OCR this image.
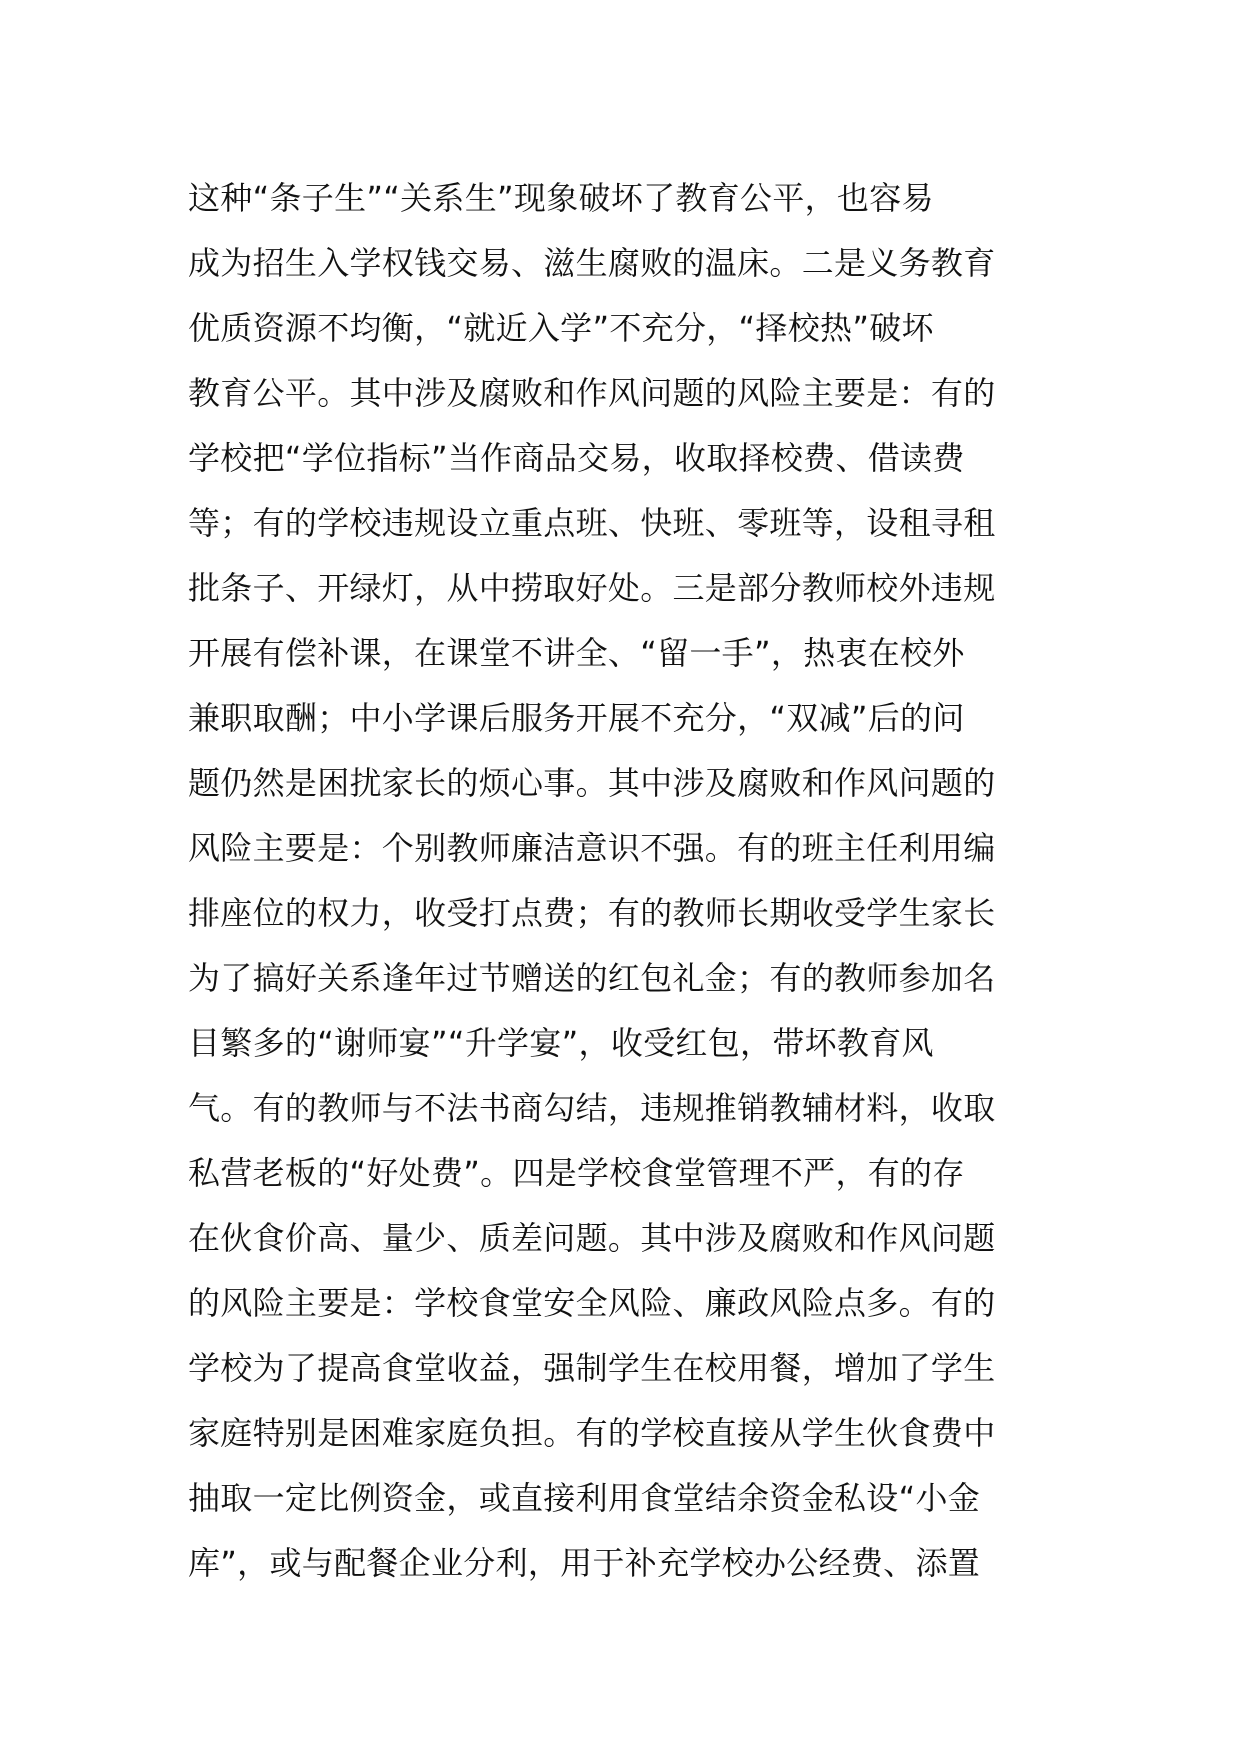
这种“条子生”“关系生”现象破坏了教育公平，也容易
成为招生入学权钱交易、滋生腐败的温床。二是义务教育
优质资源不均衡，“就近入学”不充分，“择校热”破坏
教育公平。其中涉及腐败和作风问题的风险主要是：有的
学校把“学位指标”当作商品交易，收取择校费、借读费
等；有的学校违规设立重点班、快班、零班等，设租寻租
批条子、开绿灯，从中捞取好处。三是部分教师校外违规
开展有偿补课，在课堂不讲全、“留一手”，热衷在校外
兼职取酬；中小学课后服务开展不充分，“双减”后的问
题仍然是困扰家长的烦心事。其中涉及腐败和作风问题的
风险主要是：个别教师廉洁意识不强。有的班主任利用编
排座位的权力，收受打点费；有的教师长期收受学生家长
为了搞好关系逢年过节赠送的红包礼金；有的教师参加名
目繁多的“谢师宴”“升学宴”，收受红包，带坏教育风
气。有的教师与不法书商勾结，违规推销教辅材料，收取
私营老板的“好处费”。四是学校食堂管理不严，有的存
在伙食价高、量少、质差问题。其中涉及腐败和作风问题
的风险主要是：学校食堂安全风险、廉政风险点多。有的
学校为了提高食堂收益，强制学生在校用餐，增加了学生
家庭特别是困难家庭负担。有的学校直接从学生伙食费中
抽取一定比例资金，或直接利用食堂结余资金私设“小金
库”，或与配餐企业分利，用于补充学校办公经费、添置
